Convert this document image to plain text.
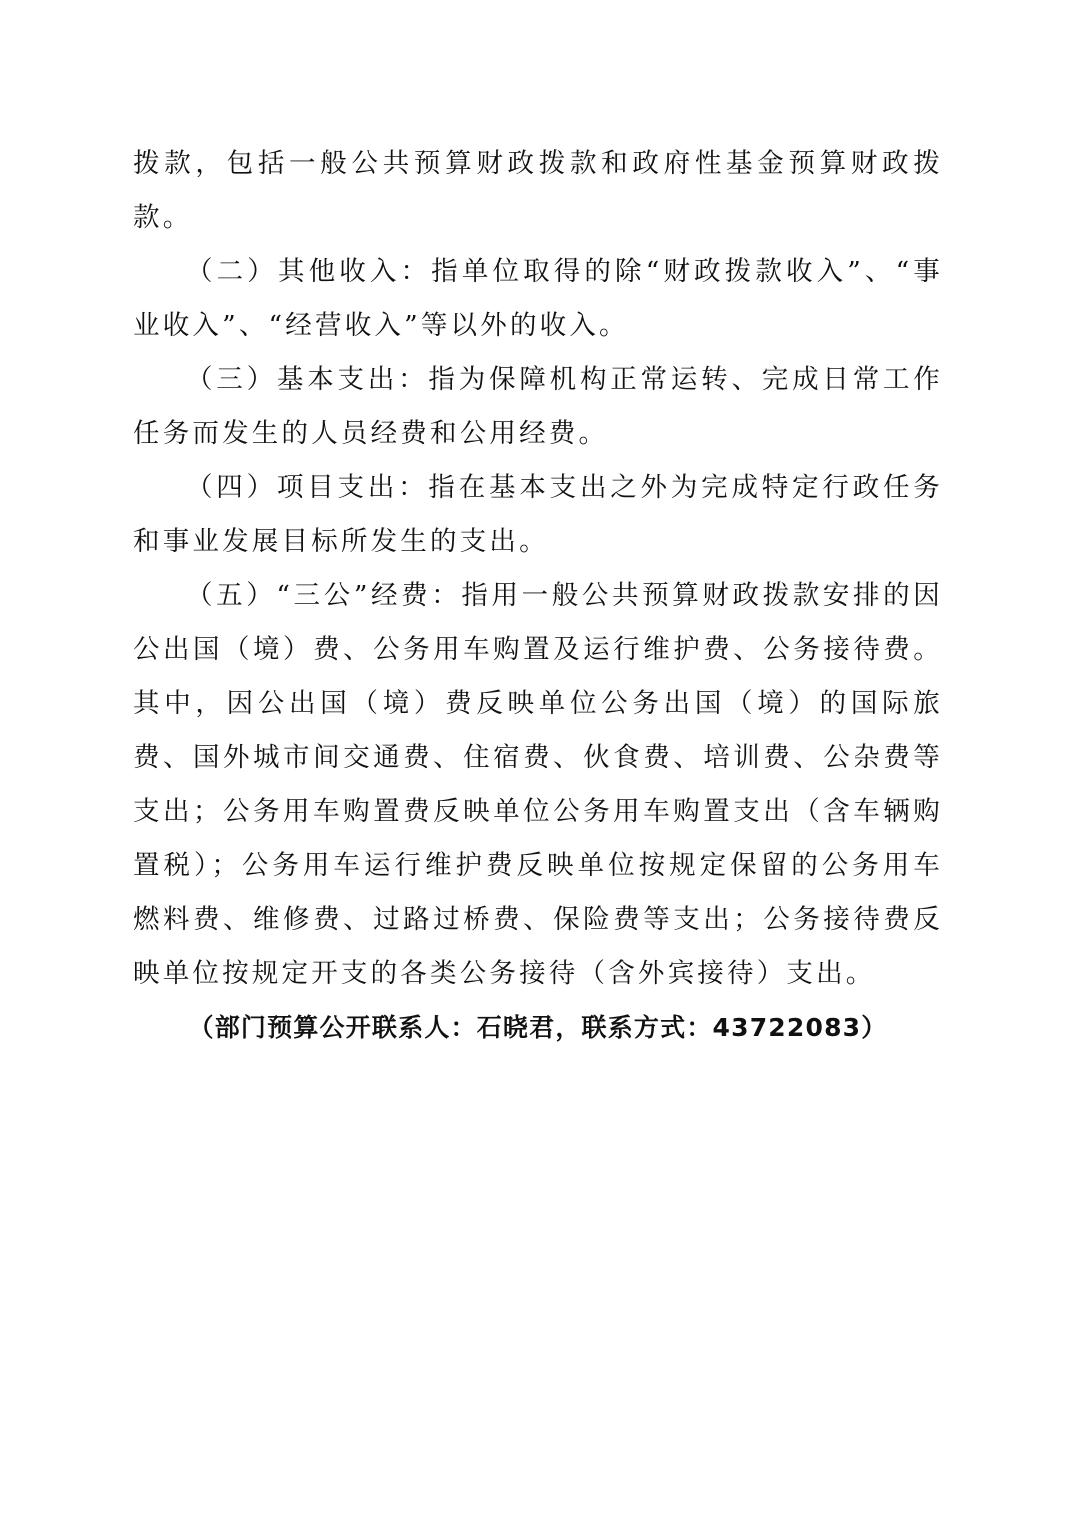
拨款，包括一般公共预算财政拨款和政府性基金预算财政拨款。

（二）其他收入：指单位取得的除“财政拨款收入”、“事业收入”、“经营收入”等以外的收入。

（三）基本支出：指为保障机构正常运转、完成日常工作任务而发生的人员经费和公用经费。

（四）项目支出：指在基本支出之外为完成特定行政任务和事业发展目标所发生的支出。

（五）“三公”经费：指用一般公共预算财政拨款安排的因公出国（境）费、公务用车购置及运行维护费、公务接待费。其中，因公出国（境）费反映单位公务出国（境）的国际旅费、国外城市间交通费、住宿费、伙食费、培训费、公杂费等支出；公务用车购置费反映单位公务用车购置支出（含车辆购置税）；公务用车运行维护费反映单位按规定保留的公务用车燃料费、维修费、过路过桥费、保险费等支出；公务接待费反映单位按规定开支的各类公务接待（含外宾接待）支出。

（部门预算公开联系人：石晓君，联系方式：43722083）
